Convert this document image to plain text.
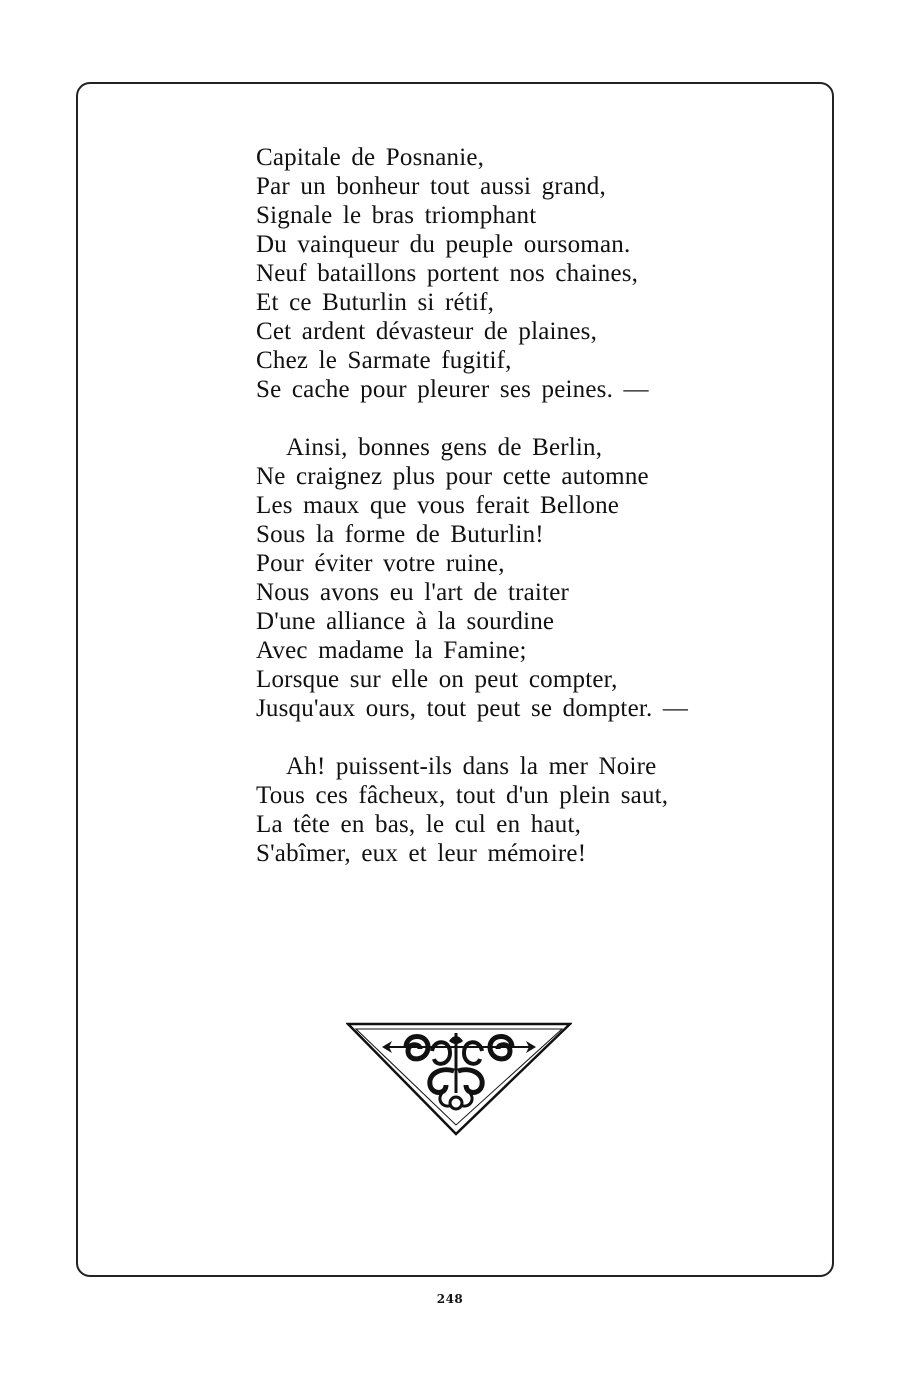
Capitale de Posnanie,
Par un bonheur tout aussi grand,
Signale le bras triomphant
Du vainqueur du peuple oursoman.
Neuf bataillons portent nos chaines,
Et ce Buturlin si rétif,
Cet ardent dévasteur de plaines,
Chez le Sarmate fugitif,
Se cache pour pleurer ses peines. —
Ainsi, bonnes gens de Berlin,
Ne craignez plus pour cette automne
Les maux que vous ferait Bellone
Sous la forme de Buturlin!
Pour éviter votre ruine,
Nous avons eu l'art de traiter
D'une alliance à la sourdine
Avec madame la Famine;
Lorsque sur elle on peut compter,
Jusqu'aux ours, tout peut se dompter. —
Ah! puissent-ils dans la mer Noire
Tous ces fâcheux, tout d'un plein saut,
La tête en bas, le cul en haut,
S'abîmer, eux et leur mémoire!
248
